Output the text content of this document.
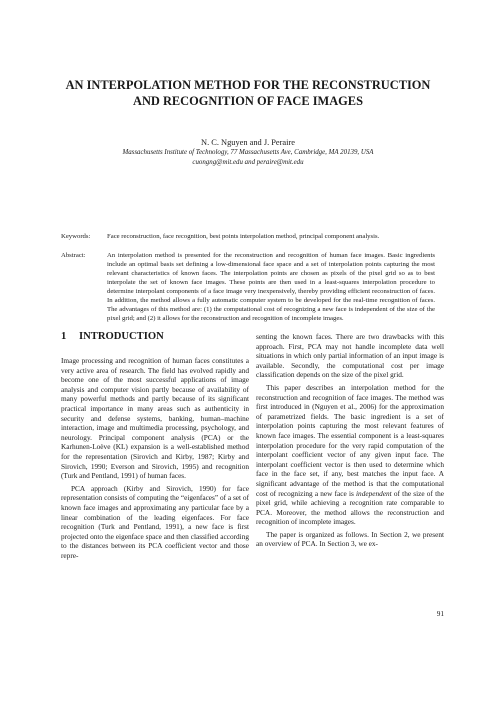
AN INTERPOLATION METHOD FOR THE RECONSTRUCTION
AND RECOGNITION OF FACE IMAGES
N. C. Nguyen and J. Peraire
Massachusetts Institute of Technology, 77 Massachusetts Ave, Cambridge, MA 20139, USA
cuongng@mit.edu and peraire@mit.edu
Keywords: Face reconstruction, face recognition, best points interpolation method, principal component analysis.
Abstract:	An interpolation method is presented for the reconstruction and recognition of human face images. Basic ingredients include an optimal basis set defining a low-dimensional face space and a set of interpolation points capturing the most relevant characteristics of known faces. The interpolation points are chosen as pixels of the pixel grid so as to best interpolate the set of known face images. These points are then used in a least-squares interpolation procedure to determine interpolant components of a face image very inexpensively, thereby providing efficient reconstruction of faces. In addition, the method allows a fully automatic computer system to be developed for the real-time recognition of faces. The advantages of this method are: (1) the computational cost of recognizing a new face is independent of the size of the pixel grid; and (2) it allows for the reconstruction and recognition of incomplete images.
1 INTRODUCTION

Image processing and recognition of human faces constitutes a very active area of research. The field has evolved rapidly and become one of the most successful applications of image analysis and computer vision partly because of availability of many powerful methods and partly because of its significant practical importance in many areas such as authenticity in security and defense systems, banking, human–machine interaction, image and multimedia processing, psychology, and neurology. Principal component analysis (PCA) or the Karhunen-Loève (KL) expansion is a well-established method for the representation (Sirovich and Kirby, 1987; Kirby and Sirovich, 1990; Everson and Sirovich, 1995) and recognition (Turk and Pentland, 1991) of human faces.

PCA approach (Kirby and Sirovich, 1990) for face representation consists of computing the “eigenfaces” of a set of known face images and approximating any particular face by a linear combination of the leading eigenfaces. For face recognition (Turk and Pentland, 1991), a new face is first projected onto the eigenface space and then classified according to the distances between its PCA coefficient vector and those repre-

senting the known faces. There are two drawbacks with this approach. First, PCA may not handle incomplete data well situations in which only partial information of an input image is available. Secondly, the computational cost per image classification depends on the size of the pixel grid.

This paper describes an interpolation method for the reconstruction and recognition of face images. The method was first introduced in (Nguyen et al., 2006) for the approximation of parametrized fields. The basic ingredient is a set of interpolation points capturing the most relevant features of known face images. The essential component is a least-squares interpolation procedure for the very rapid computation of the interpolant coefficient vector of any given input face. The interpolant coefficient vector is then used to determine which face in the face set, if any, best matches the input face. A significant advantage of the method is that the computational cost of recognizing a new face is independent of the size of the pixel grid, while achieving a recognition rate comparable to PCA. Moreover, the method allows the reconstruction and recognition of incomplete images.

The paper is organized as follows. In Section 2, we present an overview of PCA. In Section 3, we ex-

91
